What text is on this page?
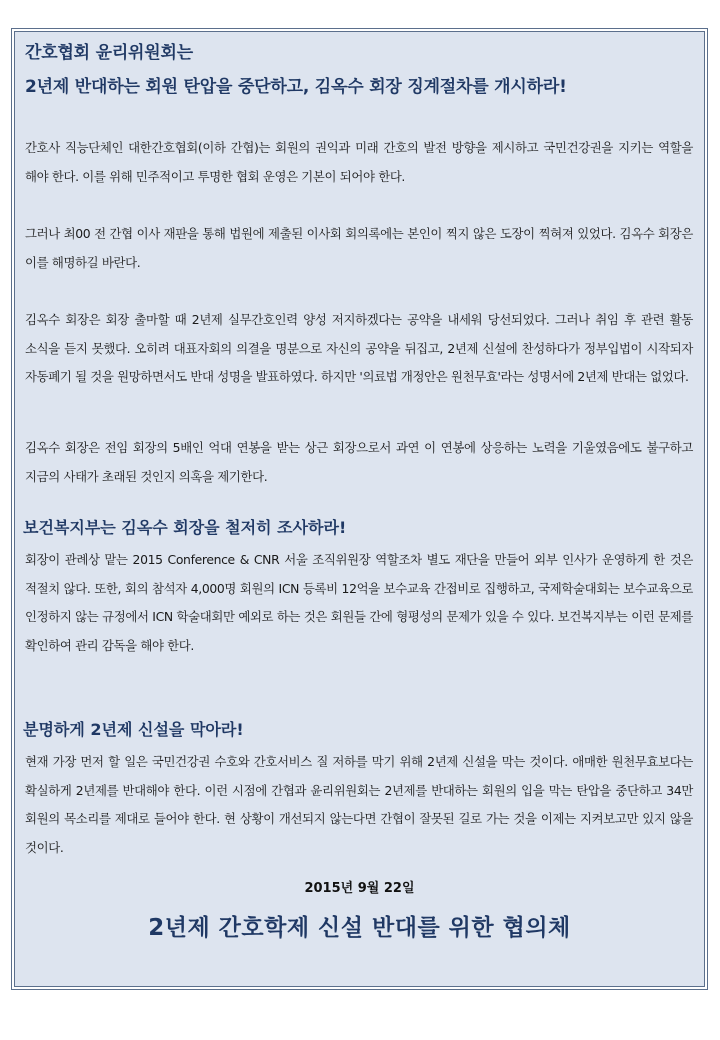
간호협회 윤리위원회는
2년제 반대하는 회원 탄압을 중단하고, 김옥수 회장 징계절차를 개시하라!
간호사 직능단체인 대한간호협회(이하 간협)는 회원의 권익과 미래 간호의 발전 방향을 제시하고 국민건강권을 지키는 역할을 해야 한다. 이를 위해 민주적이고 투명한 협회 운영은 기본이 되어야 한다.
그러나 최00 전 간협 이사 재판을 통해 법원에 제출된 이사회 회의록에는 본인이 찍지 않은 도장이 찍혀져 있었다. 김옥수 회장은 이를 해명하길 바란다.
김옥수 회장은 회장 출마할 때 2년제 실무간호인력 양성 저지하겠다는 공약을 내세워 당선되었다. 그러나 취임 후 관련 활동 소식을 듣지 못했다. 오히려 대표자회의 의결을 명분으로 자신의 공약을 뒤집고, 2년제 신설에 찬성하다가 정부입법이 시작되자 자동폐기 될 것을 원망하면서도 반대 성명을 발표하였다. 하지만 '의료법 개정안은 원천무효'라는 성명서에 2년제 반대는 없었다.
김옥수 회장은 전임 회장의 5배인 억대 연봉을 받는 상근 회장으로서 과연 이 연봉에 상응하는 노력을 기울였음에도 불구하고 지금의 사태가 초래된 것인지 의혹을 제기한다.
보건복지부는 김옥수 회장을 철저히 조사하라!
회장이 관례상 맡는 2015 Conference & CNR 서울 조직위원장 역할조차 별도 재단을 만들어 외부 인사가 운영하게 한 것은 적절치 않다. 또한, 회의 참석자 4,000명 회원의 ICN 등록비 12억을 보수교육 간접비로 집행하고, 국제학술대회는 보수교육으로 인정하지 않는 규정에서 ICN 학술대회만 예외로 하는 것은 회원들 간에 형평성의 문제가 있을 수 있다. 보건복지부는 이런 문제를 확인하여 관리 감독을 해야 한다.
분명하게 2년제 신설을 막아라!
현재 가장 먼저 할 일은 국민건강권 수호와 간호서비스 질 저하를 막기 위해 2년제 신설을 막는 것이다. 애매한 원천무효보다는 확실하게 2년제를 반대해야 한다. 이런 시점에 간협과 윤리위원회는 2년제를 반대하는 회원의 입을 막는 탄압을 중단하고 34만 회원의 목소리를 제대로 들어야 한다. 현 상황이 개선되지 않는다면 간협이 잘못된 길로 가는 것을 이제는 지켜보고만 있지 않을 것이다.
2015년 9월 22일
2년제 간호학제 신설 반대를 위한 협의체
